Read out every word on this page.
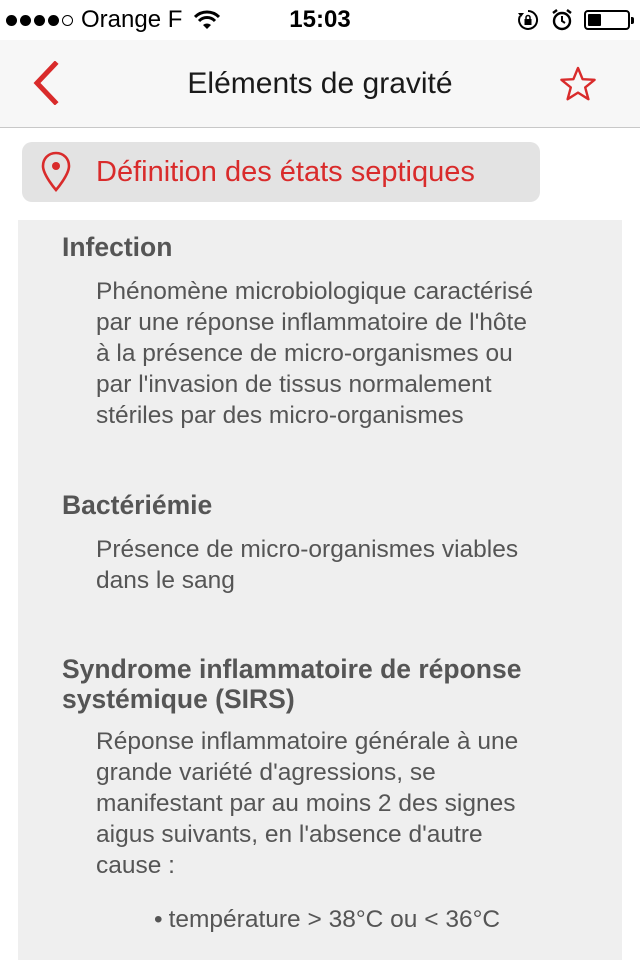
Orange F	15:03
Eléments de gravité
Définition des états septiques
Infection
Phénomène microbiologique caractérisé
par une réponse inflammatoire de l'hôte
à la présence de micro-organismes ou
par l'invasion de tissus normalement
stériles par des micro-organismes
Bactériémie
Présence de micro-organismes viables
dans le sang
Syndrome inflammatoire de réponse
systémique (SIRS)
Réponse inflammatoire générale à une
grande variété d'agressions, se
manifestant par au moins 2 des signes
aigus suivants, en l'absence d'autre
cause :
• température > 38°C ou < 36°C
